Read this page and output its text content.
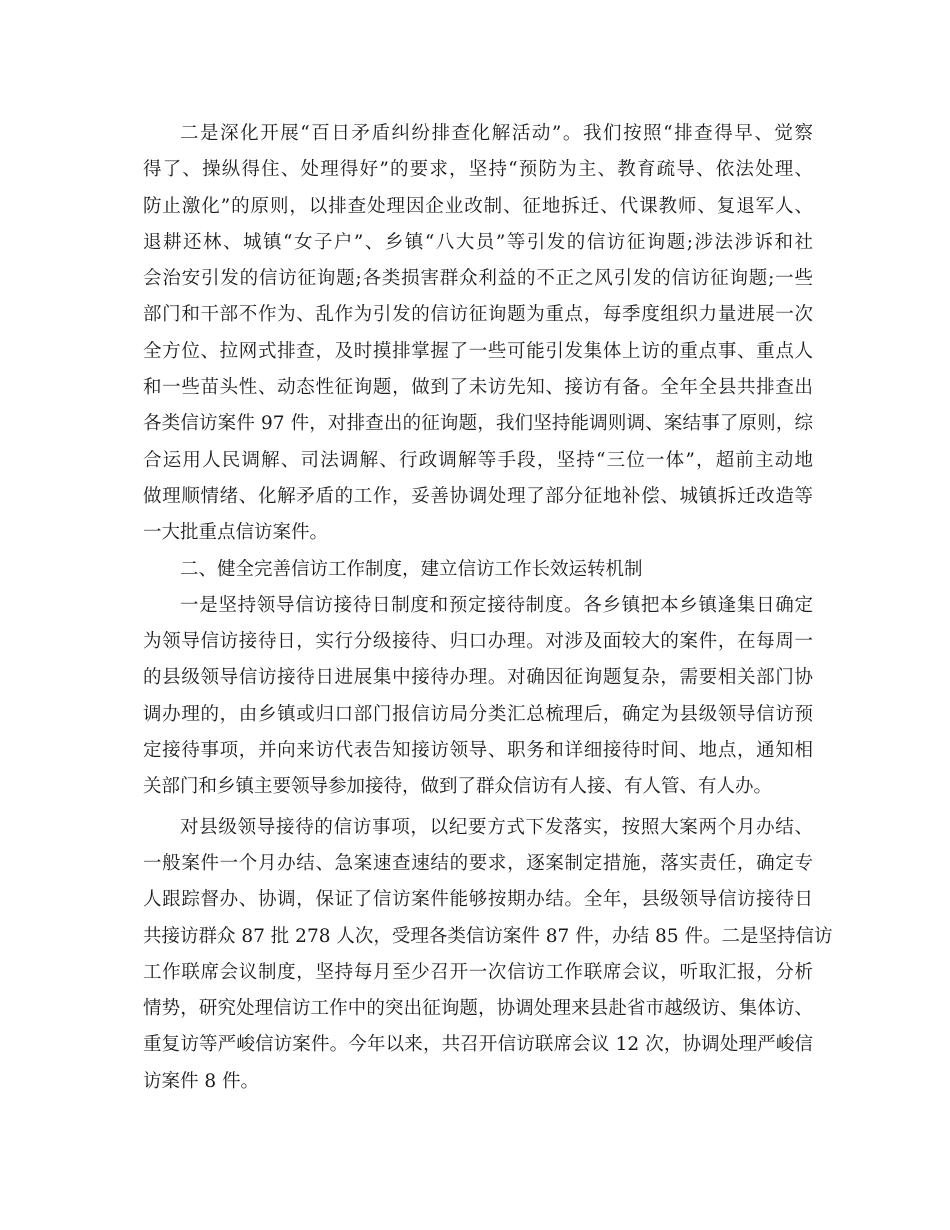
二是深化开展“百日矛盾纠纷排查化解活动”。我们按照“排查得早、觉察
得了、操纵得住、处理得好”的要求，坚持“预防为主、教育疏导、依法处理、
防止激化”的原则，以排查处理因企业改制、征地拆迁、代课教师、复退军人、
退耕还林、城镇“女子户”、乡镇“八大员”等引发的信访征询题;涉法涉诉和社
会治安引发的信访征询题;各类损害群众利益的不正之风引发的信访征询题;一些
部门和干部不作为、乱作为引发的信访征询题为重点，每季度组织力量进展一次
全方位、拉网式排查，及时摸排掌握了一些可能引发集体上访的重点事、重点人
和一些苗头性、动态性征询题，做到了未访先知、接访有备。全年全县共排查出
各类信访案件 97 件，对排查出的征询题，我们坚持能调则调、案结事了原则，综
合运用人民调解、司法调解、行政调解等手段，坚持“三位一体”，超前主动地
做理顺情绪、化解矛盾的工作，妥善协调处理了部分征地补偿、城镇拆迁改造等
一大批重点信访案件。
二、健全完善信访工作制度，建立信访工作长效运转机制
一是坚持领导信访接待日制度和预定接待制度。各乡镇把本乡镇逢集日确定
为领导信访接待日，实行分级接待、归口办理。对涉及面较大的案件，在每周一
的县级领导信访接待日进展集中接待办理。对确因征询题复杂，需要相关部门协
调办理的，由乡镇或归口部门报信访局分类汇总梳理后，确定为县级领导信访预
定接待事项，并向来访代表告知接访领导、职务和详细接待时间、地点，通知相
关部门和乡镇主要领导参加接待，做到了群众信访有人接、有人管、有人办。
对县级领导接待的信访事项，以纪要方式下发落实，按照大案两个月办结、
一般案件一个月办结、急案速查速结的要求，逐案制定措施，落实责任，确定专
人跟踪督办、协调，保证了信访案件能够按期办结。全年，县级领导信访接待日
共接访群众 87 批 278 人次，受理各类信访案件 87 件，办结 85 件。二是坚持信访
工作联席会议制度，坚持每月至少召开一次信访工作联席会议，听取汇报，分析
情势，研究处理信访工作中的突出征询题，协调处理来县赴省市越级访、集体访、
重复访等严峻信访案件。今年以来，共召开信访联席会议 12 次，协调处理严峻信
访案件 8 件。
